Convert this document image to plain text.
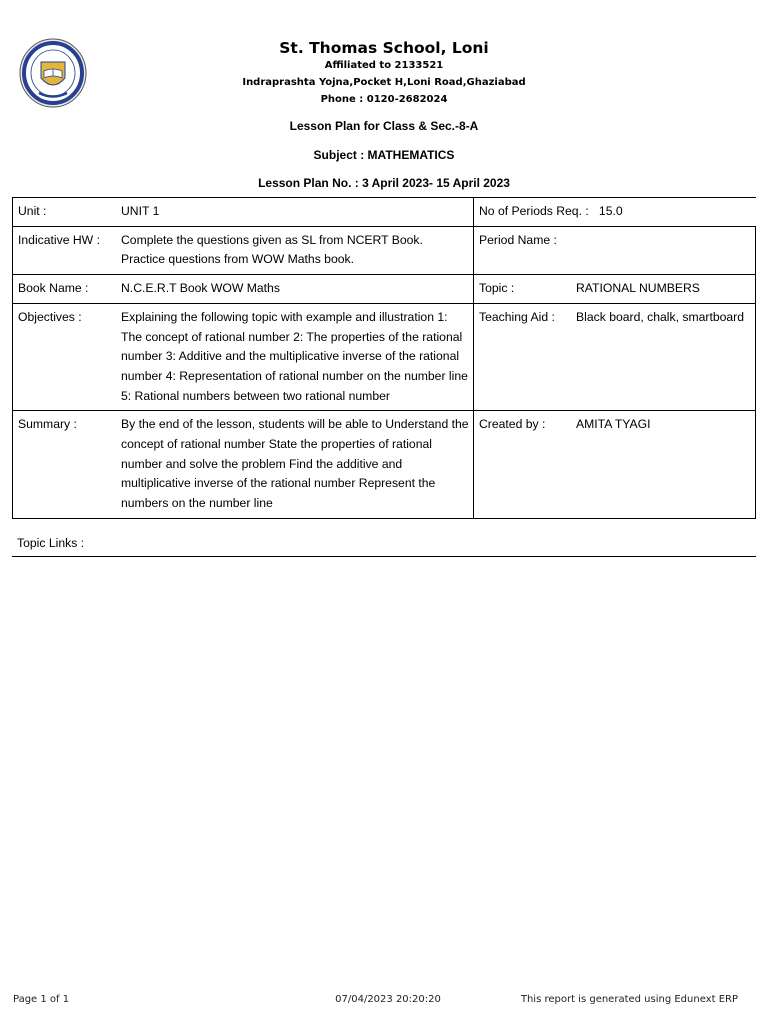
St. Thomas School, Loni
Affiliated to 2133521
Indraprashta Yojna,Pocket H,Loni Road,Ghaziabad
Phone : 0120-2682024
Lesson Plan for Class & Sec.-8-A
Subject : MATHEMATICS
Lesson Plan No. : 3 April 2023- 15 April 2023
Unit :	UNIT 1	No of Periods Req. : 15.0	
Indicative HW :	Complete the questions given as SL from NCERT Book. Practice questions from WOW Maths book.	Period Name :	
Book Name :	N.C.E.R.T Book WOW Maths	Topic :	RATIONAL NUMBERS
Objectives :	Explaining the following topic with example and illustration 1: The concept of rational number 2: The properties of the rational number 3: Additive and the multiplicative inverse of the rational number 4: Representation of rational number on the number line 5: Rational numbers between two rational number	Teaching Aid :	Black board, chalk, smartboard
Summary :	By the end of the lesson, students will be able to Understand the concept of rational number State the properties of rational number and solve the problem Find the additive and multiplicative inverse of the rational number Represent the numbers on the number line	Created by :	AMITA TYAGI
Topic Links :
Page 1 of 1	07/04/2023 20:20:20	This report is generated using Edunext ERP
